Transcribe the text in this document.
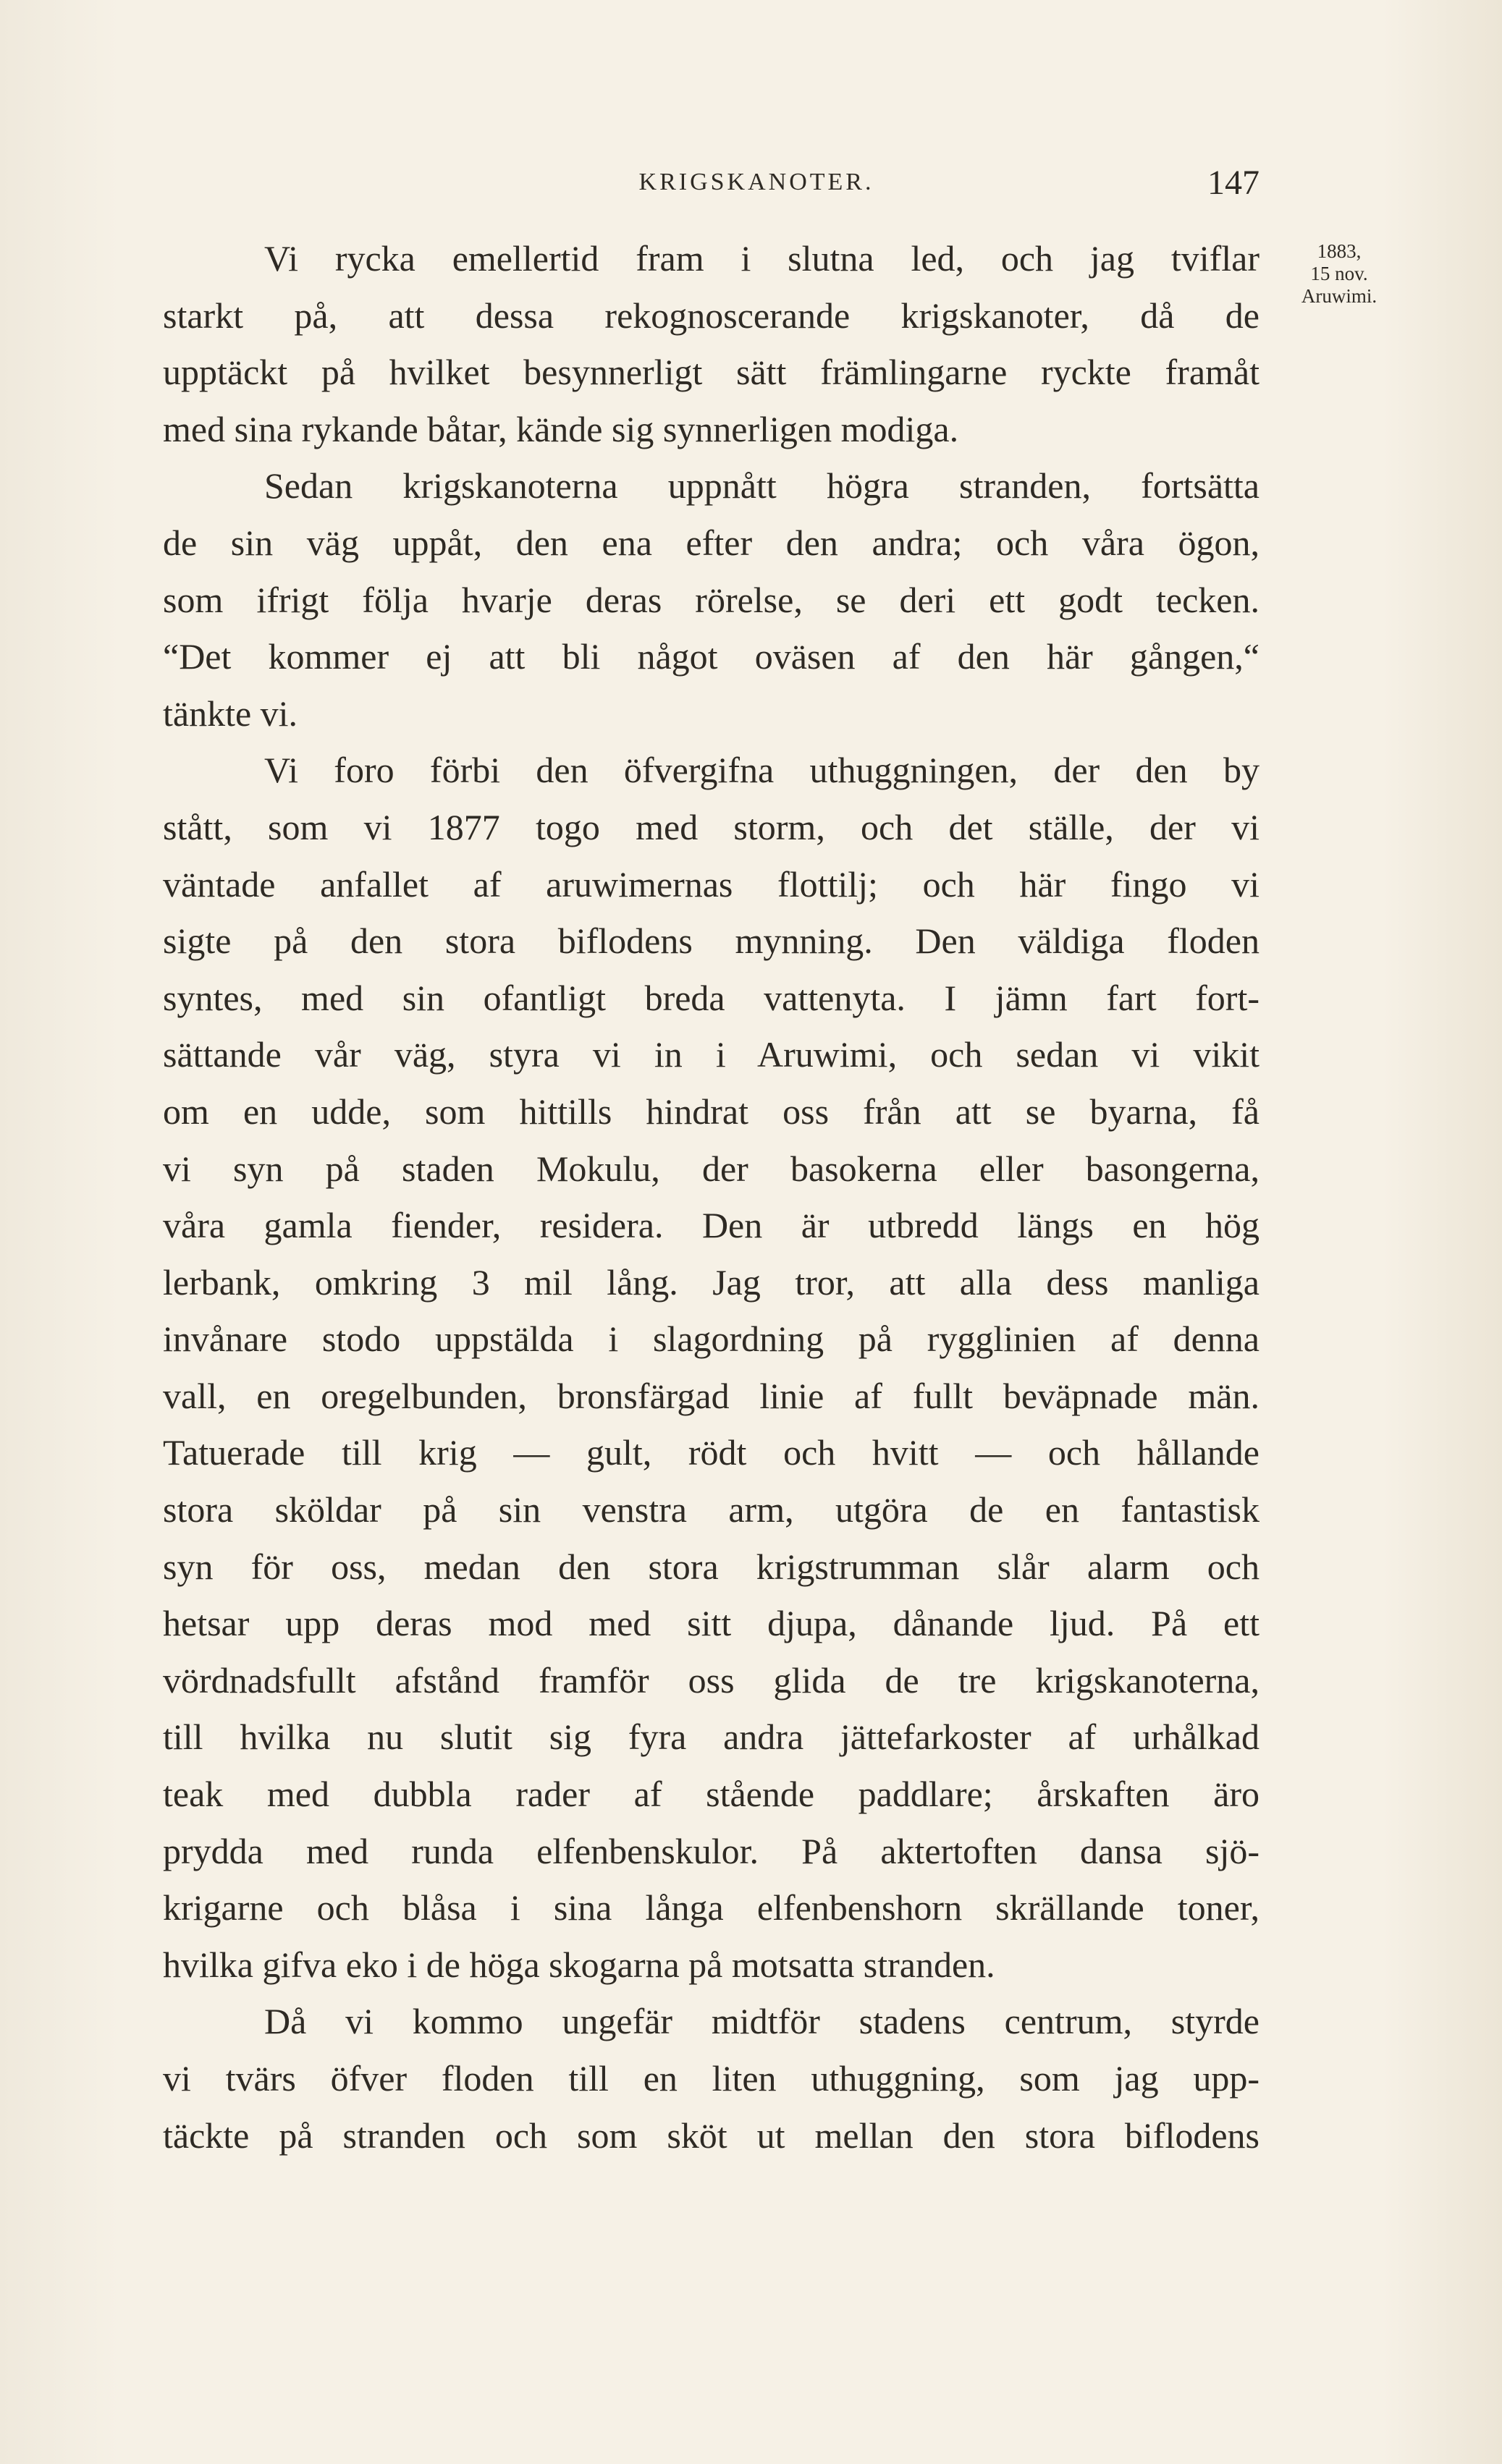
KRIGSKANOTER.	147
1883,
15 nov.
Aruwimi.
Vi rycka emellertid fram i slutna led, och jag tviflar
starkt på, att dessa rekognoscerande krigskanoter, då de
upptäckt på hvilket besynnerligt sätt främlingarne ryckte framåt
med sina rykande båtar, kände sig synnerligen modiga.
Sedan krigskanoterna uppnått högra stranden, fortsätta
de sin väg uppåt, den ena efter den andra; och våra ögon,
som ifrigt följa hvarje deras rörelse, se deri ett godt tecken.
“Det kommer ej att bli något oväsen af den här gången,“
tänkte vi.
Vi foro förbi den öfvergifna uthuggningen, der den by
stått, som vi 1877 togo med storm, och det ställe, der vi
väntade anfallet af aruwimernas flottilj; och här fingo vi
sigte på den stora biflodens mynning. Den väldiga floden
syntes, med sin ofantligt breda vattenyta. I jämn fart fort-
sättande vår väg, styra vi in i Aruwimi, och sedan vi vikit
om en udde, som hittills hindrat oss från att se byarna, få
vi syn på staden Mokulu, der basokerna eller basongerna,
våra gamla fiender, residera. Den är utbredd längs en hög
lerbank, omkring 3 mil lång. Jag tror, att alla dess manliga
invånare stodo uppstälda i slagordning på rygglinien af denna
vall, en oregelbunden, bronsfärgad linie af fullt beväpnade män.
Tatuerade till krig — gult, rödt och hvitt — och hållande
stora sköldar på sin venstra arm, utgöra de en fantastisk
syn för oss, medan den stora krigstrumman slår alarm och
hetsar upp deras mod med sitt djupa, dånande ljud. På ett
vördnadsfullt afstånd framför oss glida de tre krigskanoterna,
till hvilka nu slutit sig fyra andra jättefarkoster af urhålkad
teak med dubbla rader af stående paddlare; årskaften äro
prydda med runda elfenbenskulor. På aktertoften dansa sjö-
krigarne och blåsa i sina långa elfenbenshorn skrällande toner,
hvilka gifva eko i de höga skogarna på motsatta stranden.
Då vi kommo ungefär midtför stadens centrum, styrde
vi tvärs öfver floden till en liten uthuggning, som jag upp-
täckte på stranden och som sköt ut mellan den stora biflodens
